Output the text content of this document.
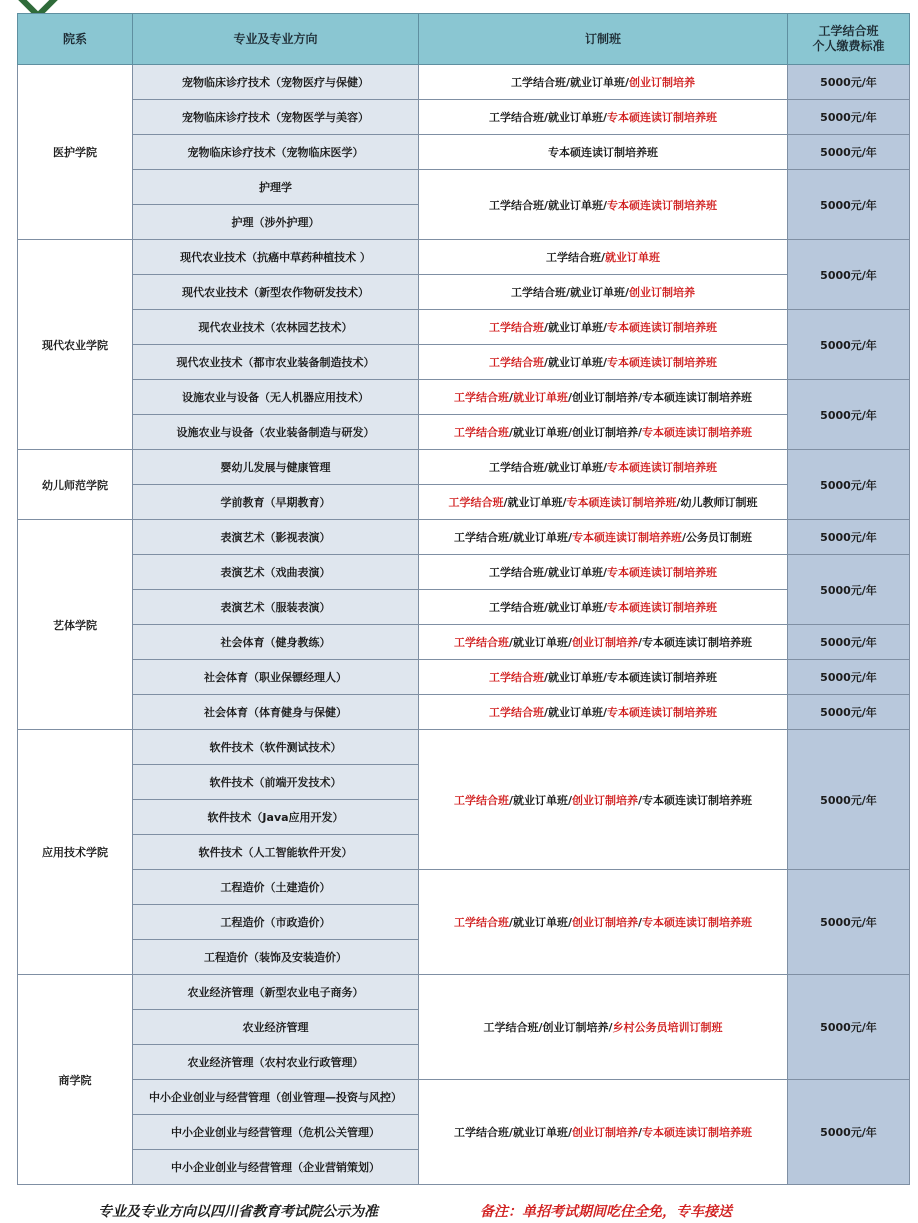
院系	专业及专业方向	订制班	工学结合班
个人缴费标准

医护学院	宠物临床诊疗技术（宠物医疗与保健）	工学结合班/就业订单班/创业订制培养	5000元/年
	宠物临床诊疗技术（宠物医学与美容）	工学结合班/就业订单班/专本硕连读订制培养班	5000元/年
	宠物临床诊疗技术（宠物临床医学）	专本硕连读订制培养班	5000元/年
	护理学	工学结合班/就业订单班/专本硕连读订制培养班	5000元/年
	护理（涉外护理）		
现代农业学院	现代农业技术（抗癌中草药种植技术 ）	工学结合班/就业订单班	5000元/年
	现代农业技术（新型农作物研发技术）	工学结合班/就业订单班/创业订制培养	
	现代农业技术（农林园艺技术）	工学结合班/就业订单班/专本硕连读订制培养班	5000元/年
	现代农业技术（都市农业装备制造技术）	工学结合班/就业订单班/专本硕连读订制培养班	
	设施农业与设备（无人机器应用技术）	工学结合班/就业订单班/创业订制培养/专本硕连读订制培养班	5000元/年
	设施农业与设备（农业装备制造与研发）	工学结合班/就业订单班/创业订制培养/专本硕连读订制培养班	
幼儿师范学院	婴幼儿发展与健康管理	工学结合班/就业订单班/专本硕连读订制培养班	5000元/年
	学前教育（早期教育）	工学结合班/就业订单班/专本硕连读订制培养班/幼儿教师订制班	
艺体学院	表演艺术（影视表演）	工学结合班/就业订单班/专本硕连读订制培养班/公务员订制班	5000元/年
	表演艺术（戏曲表演）	工学结合班/就业订单班/专本硕连读订制培养班	5000元/年
	表演艺术（服装表演）	工学结合班/就业订单班/专本硕连读订制培养班	
	社会体育（健身教练）	工学结合班/就业订单班/创业订制培养/专本硕连读订制培养班	5000元/年
	社会体育（职业保镖经理人）	工学结合班/就业订单班/专本硕连读订制培养班	5000元/年
	社会体育（体育健身与保健）	工学结合班/就业订单班/专本硕连读订制培养班	5000元/年
应用技术学院	软件技术（软件测试技术）	工学结合班/就业订单班/创业订制培养/专本硕连读订制培养班	5000元/年
	软件技术（前端开发技术）		
	软件技术（Java应用开发）		
	软件技术（人工智能软件开发）		
	工程造价（土建造价）	工学结合班/就业订单班/创业订制培养/专本硕连读订制培养班	5000元/年
	工程造价（市政造价）		
	工程造价（装饰及安装造价）		
商学院	农业经济管理（新型农业电子商务）	工学结合班/创业订制培养/乡村公务员培训订制班	5000元/年
	农业经济管理		
	农业经济管理（农村农业行政管理）		
	中小企业创业与经营管理（创业管理—投资与风控）	工学结合班/就业订单班/创业订制培养/专本硕连读订制培养班	5000元/年
	中小企业创业与经营管理（危机公关管理）		
	中小企业创业与经营管理（企业营销策划）		
专业及专业方向以四川省教育考试院公示为准	备注：单招考试期间吃住全免，专车接送
